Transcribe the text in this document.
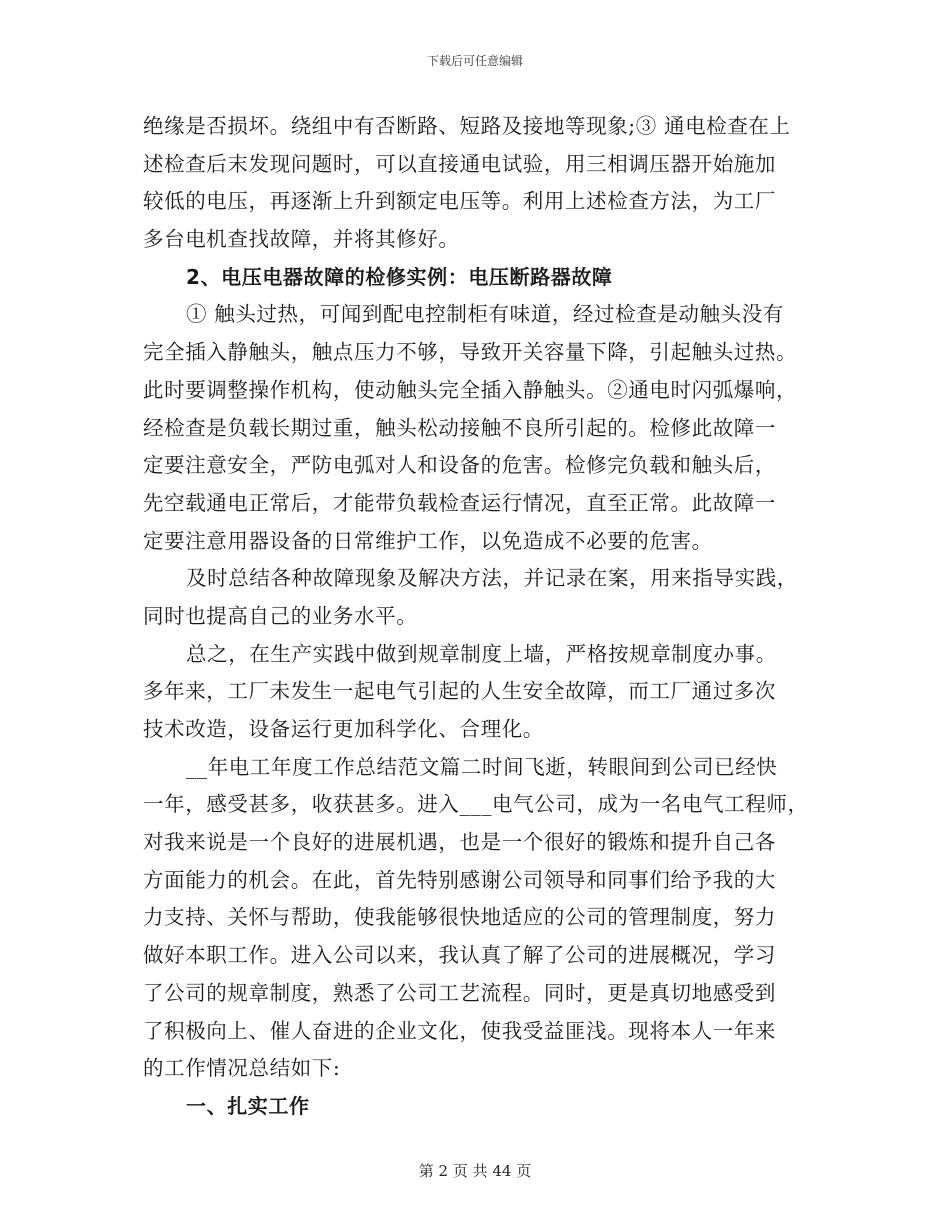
下载后可任意编辑
绝缘是否损坏。绕组中有否断路、短路及接地等现象;③ 通电检查在上
述检查后末发现问题时，可以直接通电试验，用三相调压器开始施加
较低的电压，再逐渐上升到额定电压等。利用上述检查方法，为工厂
多台电机查找故障，并将其修好。
2、电压电器故障的检修实例：电压断路器故障
① 触头过热，可闻到配电控制柜有味道，经过检查是动触头没有
完全插入静触头，触点压力不够，导致开关容量下降，引起触头过热。
此时要调整操作机构，使动触头完全插入静触头。②通电时闪弧爆响，
经检查是负载长期过重，触头松动接触不良所引起的。检修此故障一
定要注意安全，严防电弧对人和设备的危害。检修完负载和触头后，
先空载通电正常后，才能带负载检查运行情况，直至正常。此故障一
定要注意用器设备的日常维护工作，以免造成不必要的危害。
及时总结各种故障现象及解决方法，并记录在案，用来指导实践，
同时也提高自己的业务水平。
总之，在生产实践中做到规章制度上墙，严格按规章制度办事。
多年来，工厂未发生一起电气引起的人生安全故障，而工厂通过多次
技术改造，设备运行更加科学化、合理化。
__年电工年度工作总结范文篇二时间飞逝，转眼间到公司已经快
一年，感受甚多，收获甚多。进入___电气公司，成为一名电气工程师，
对我来说是一个良好的进展机遇，也是一个很好的锻炼和提升自己各
方面能力的机会。在此，首先特别感谢公司领导和同事们给予我的大
力支持、关怀与帮助，使我能够很快地适应的公司的管理制度，努力
做好本职工作。进入公司以来，我认真了解了公司的进展概况，学习
了公司的规章制度，熟悉了公司工艺流程。同时，更是真切地感受到
了积极向上、催人奋进的企业文化，使我受益匪浅。现将本人一年来
的工作情况总结如下:
一、扎实工作
第 2 页 共 44 页
